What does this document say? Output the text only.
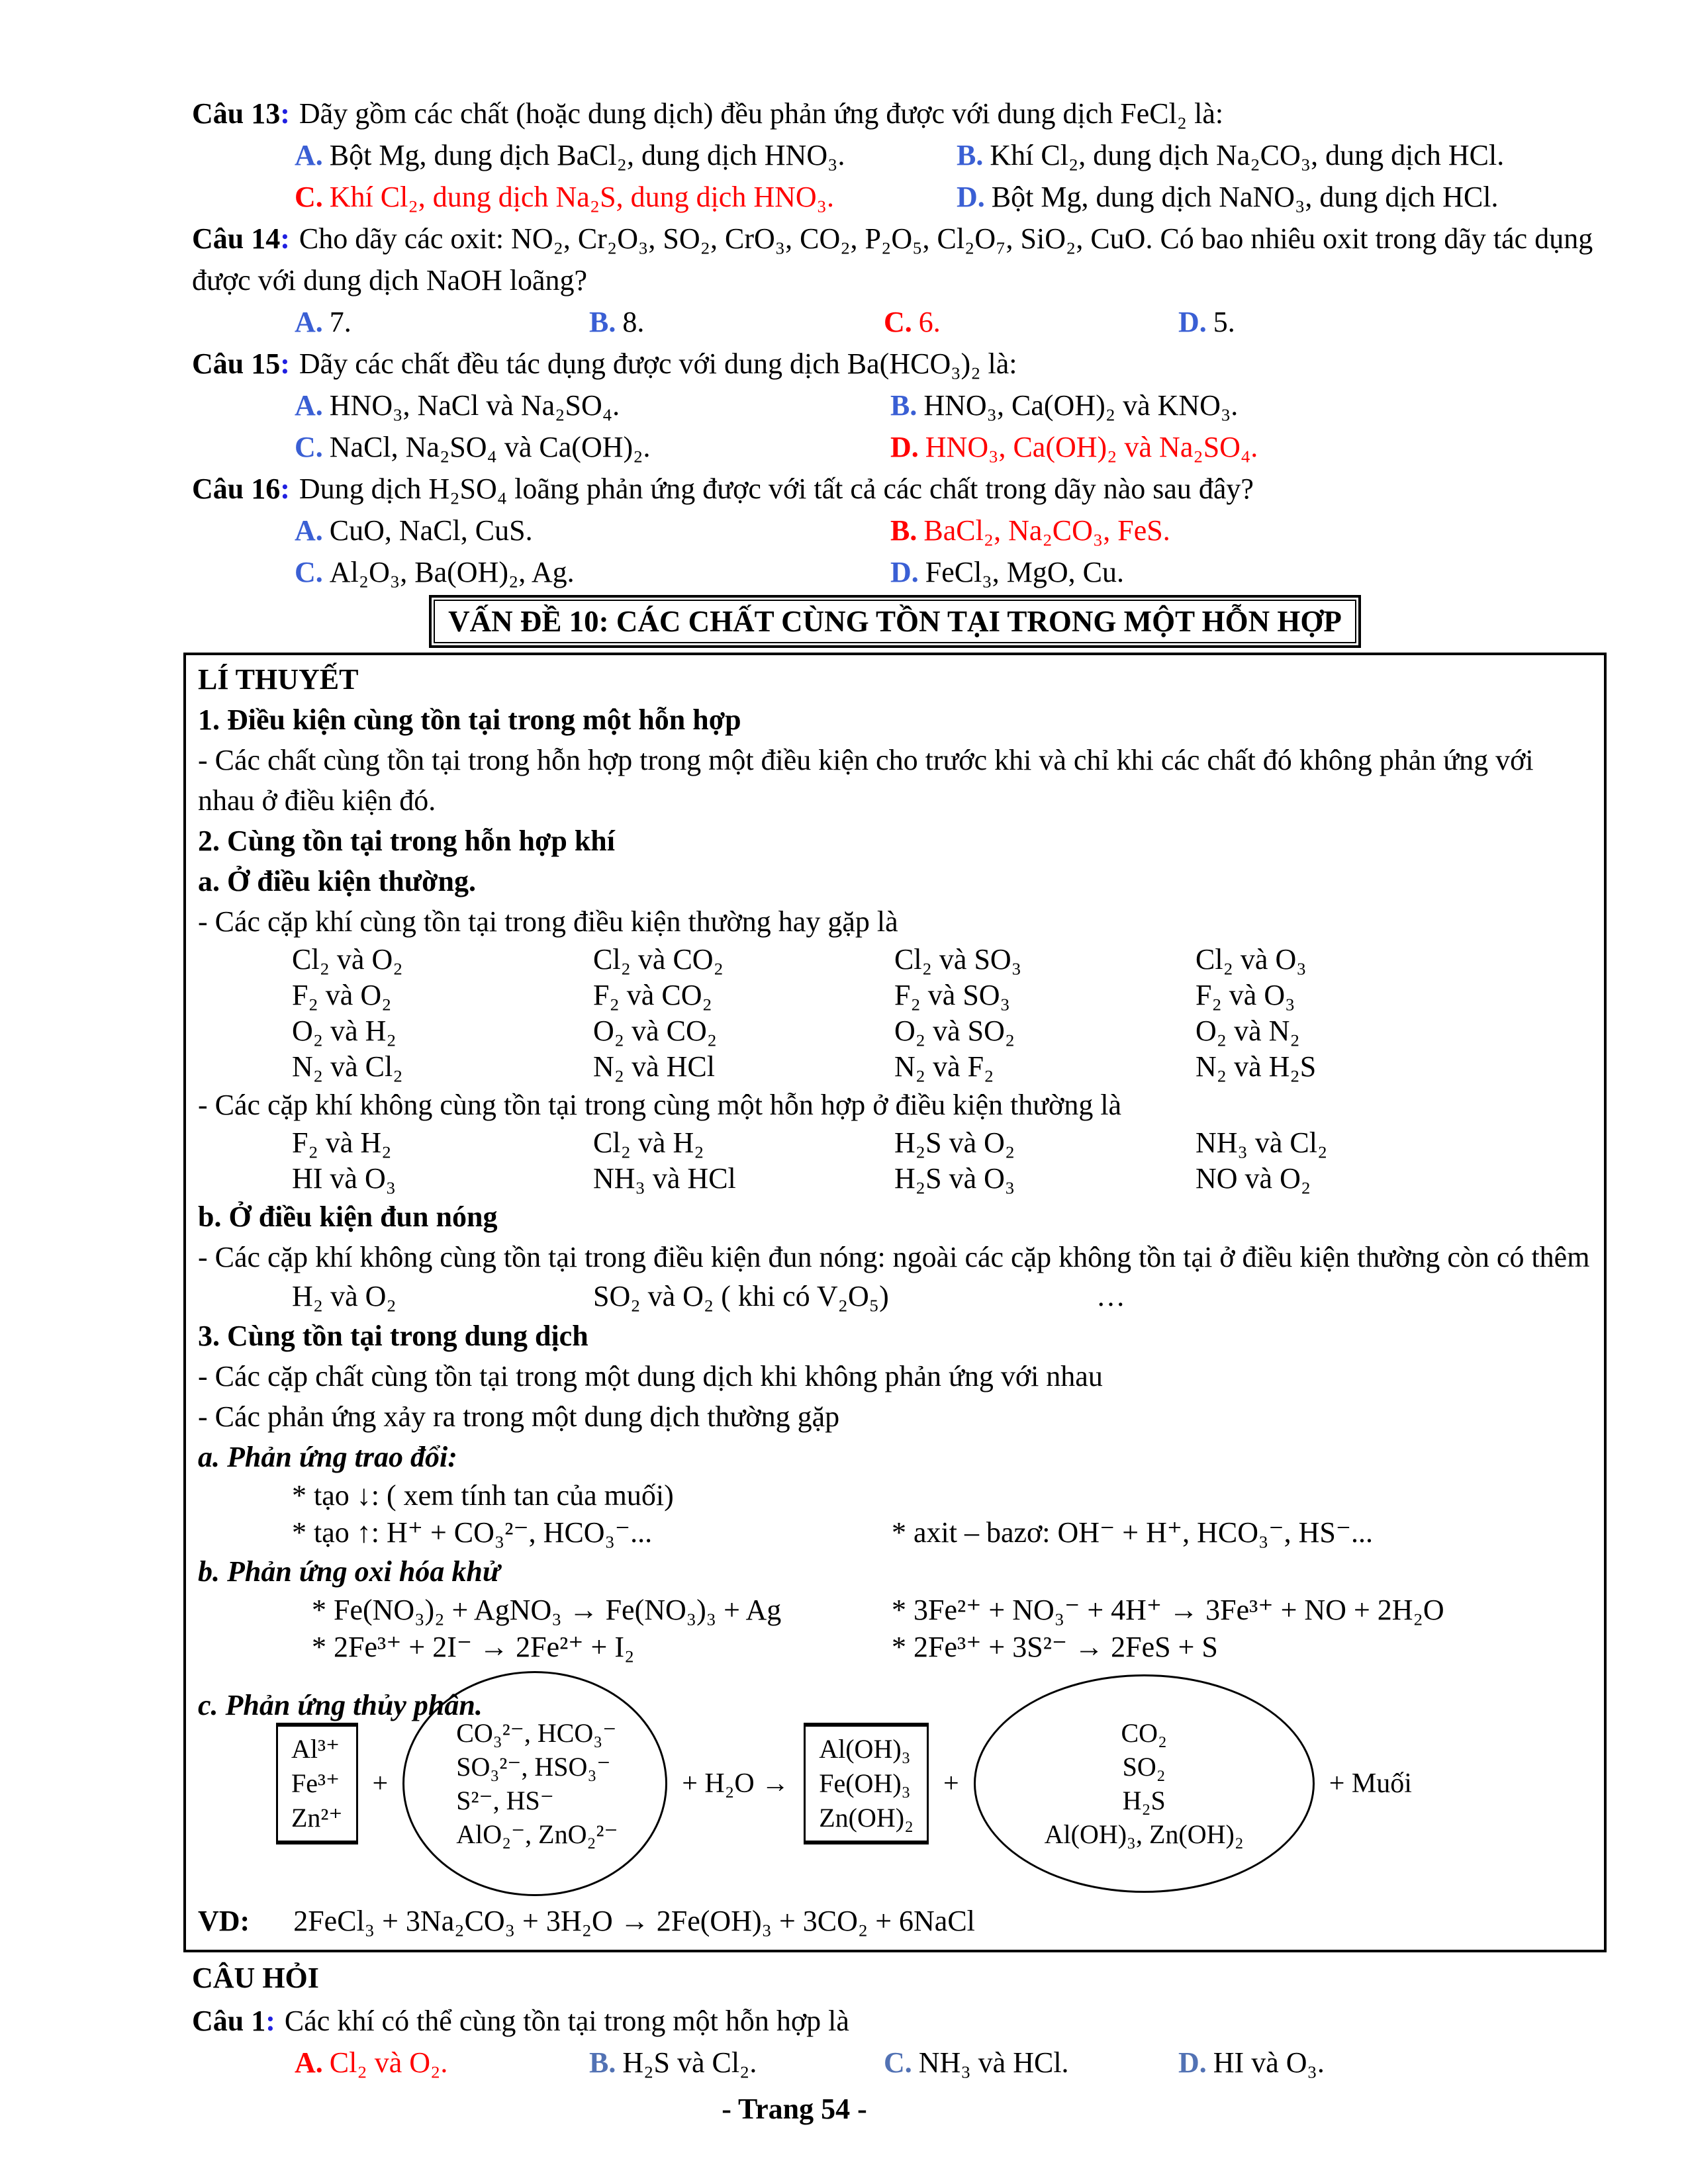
Câu 13: Dãy gồm các chất (hoặc dung dịch) đều phản ứng được với dung dịch FeCl₂ là:

A. Bột Mg, dung dịch BaCl₂, dung dịch HNO₃.	B. Khí Cl₂, dung dịch Na₂CO₃, dung dịch HCl.
C. Khí Cl₂, dung dịch Na₂S, dung dịch HNO₃.	D. Bột Mg, dung dịch NaNO₃, dung dịch HCl.

Câu 14: Cho dãy các oxit: NO₂, Cr₂O₃, SO₂, CrO₃, CO₂, P₂O₅, Cl₂O₇, SiO₂, CuO. Có bao nhiêu oxit trong dãy tác dụng được với dung dịch NaOH loãng?

A. 7.	B. 8.	C. 6.	D. 5.

Câu 15: Dãy các chất đều tác dụng được với dung dịch Ba(HCO₃)₂ là:

A. HNO₃, NaCl và Na₂SO₄.	B. HNO₃, Ca(OH)₂ và KNO₃.
C. NaCl, Na₂SO₄ và Ca(OH)₂.	D. HNO₃, Ca(OH)₂ và Na₂SO₄.

Câu 16: Dung dịch H₂SO₄ loãng phản ứng được với tất cả các chất trong dãy nào sau đây?

A. CuO, NaCl, CuS.	B. BaCl₂, Na₂CO₃, FeS.
C. Al₂O₃, Ba(OH)₂, Ag.	D. FeCl₃, MgO, Cu.
VẤN ĐỀ 10: CÁC CHẤT CÙNG TỒN TẠI TRONG MỘT HỖN HỢP

LÍ THUYẾT

1. Điều kiện cùng tồn tại trong một hỗn hợp

- Các chất cùng tồn tại trong hỗn hợp trong một điều kiện cho trước khi và chỉ khi các chất đó không phản ứng với nhau ở điều kiện đó.

2. Cùng tồn tại trong hỗn hợp khí

a. Ở điều kiện thường.

- Các cặp khí cùng tồn tại trong điều kiện thường hay gặp là

Cl₂ và O₂	Cl₂ và CO₂	Cl₂ và SO₃	Cl₂ và O₃
F₂ và O₂	F₂ và CO₂	F₂ và SO₃	F₂ và O₃
O₂ và H₂	O₂ và CO₂	O₂ và SO₂	O₂ và N₂
N₂ và Cl₂	N₂ và HCl	N₂ và F₂	N₂ và H₂S

- Các cặp khí không cùng tồn tại trong cùng một hỗn hợp ở điều kiện thường là

F₂ và H₂	Cl₂ và H₂	H₂S và O₂	NH₃ và Cl₂
HI và O₃	NH₃ và HCl	H₂S và O₃	NO và O₂

b. Ở điều kiện đun nóng

- Các cặp khí không cùng tồn tại trong điều kiện đun nóng: ngoài các cặp không tồn tại ở điều kiện thường còn có thêm

H₂ và O₂	SO₂ và O₂ ( khi có V₂O₅)	…

3. Cùng tồn tại trong dung dịch

- Các cặp chất cùng tồn tại trong một dung dịch khi không phản ứng với nhau

- Các phản ứng xảy ra trong một dung dịch thường gặp

a. Phản ứng trao đổi:

* tạo ↓: ( xem tính tan của muối)
* tạo ↑: H⁺ + CO₃²⁻, HCO₃⁻...	* axit – bazơ: OH⁻ + H⁺, HCO₃⁻, HS⁻...

b. Phản ứng oxi hóa khử

* Fe(NO₃)₂ + AgNO₃ → Fe(NO₃)₃ + Ag	* 3Fe²⁺ + NO₃⁻ + 4H⁺ → 3Fe³⁺ + NO + 2H₂O
* 2Fe³⁺ + 2I⁻ → 2Fe²⁺ + I₂	* 2Fe³⁺ + 3S²⁻ → 2FeS + S
c. Phản ứng thủy phân.
Al³⁺
Fe³⁺
Zn²⁺
+
CO₃²⁻, HCO₃⁻
SO₃²⁻, HSO₃⁻
S²⁻, HS⁻
AlO₂⁻, ZnO₂²⁻
+ H₂O →
Al(OH)₃
Fe(OH)₃
Zn(OH)₂
+
CO₂
SO₂
H₂S
Al(OH)₃, Zn(OH)₂
+ Muối
VD: 2FeCl₃ + 3Na₂CO₃ + 3H₂O → 2Fe(OH)₃ + 3CO₂ + 6NaCl

CÂU HỎI

Câu 1: Các khí có thể cùng tồn tại trong một hỗn hợp là

A. Cl₂ và O₂.	B. H₂S và Cl₂.	C. NH₃ và HCl.	D. HI và O₃.
- Trang 54 -
